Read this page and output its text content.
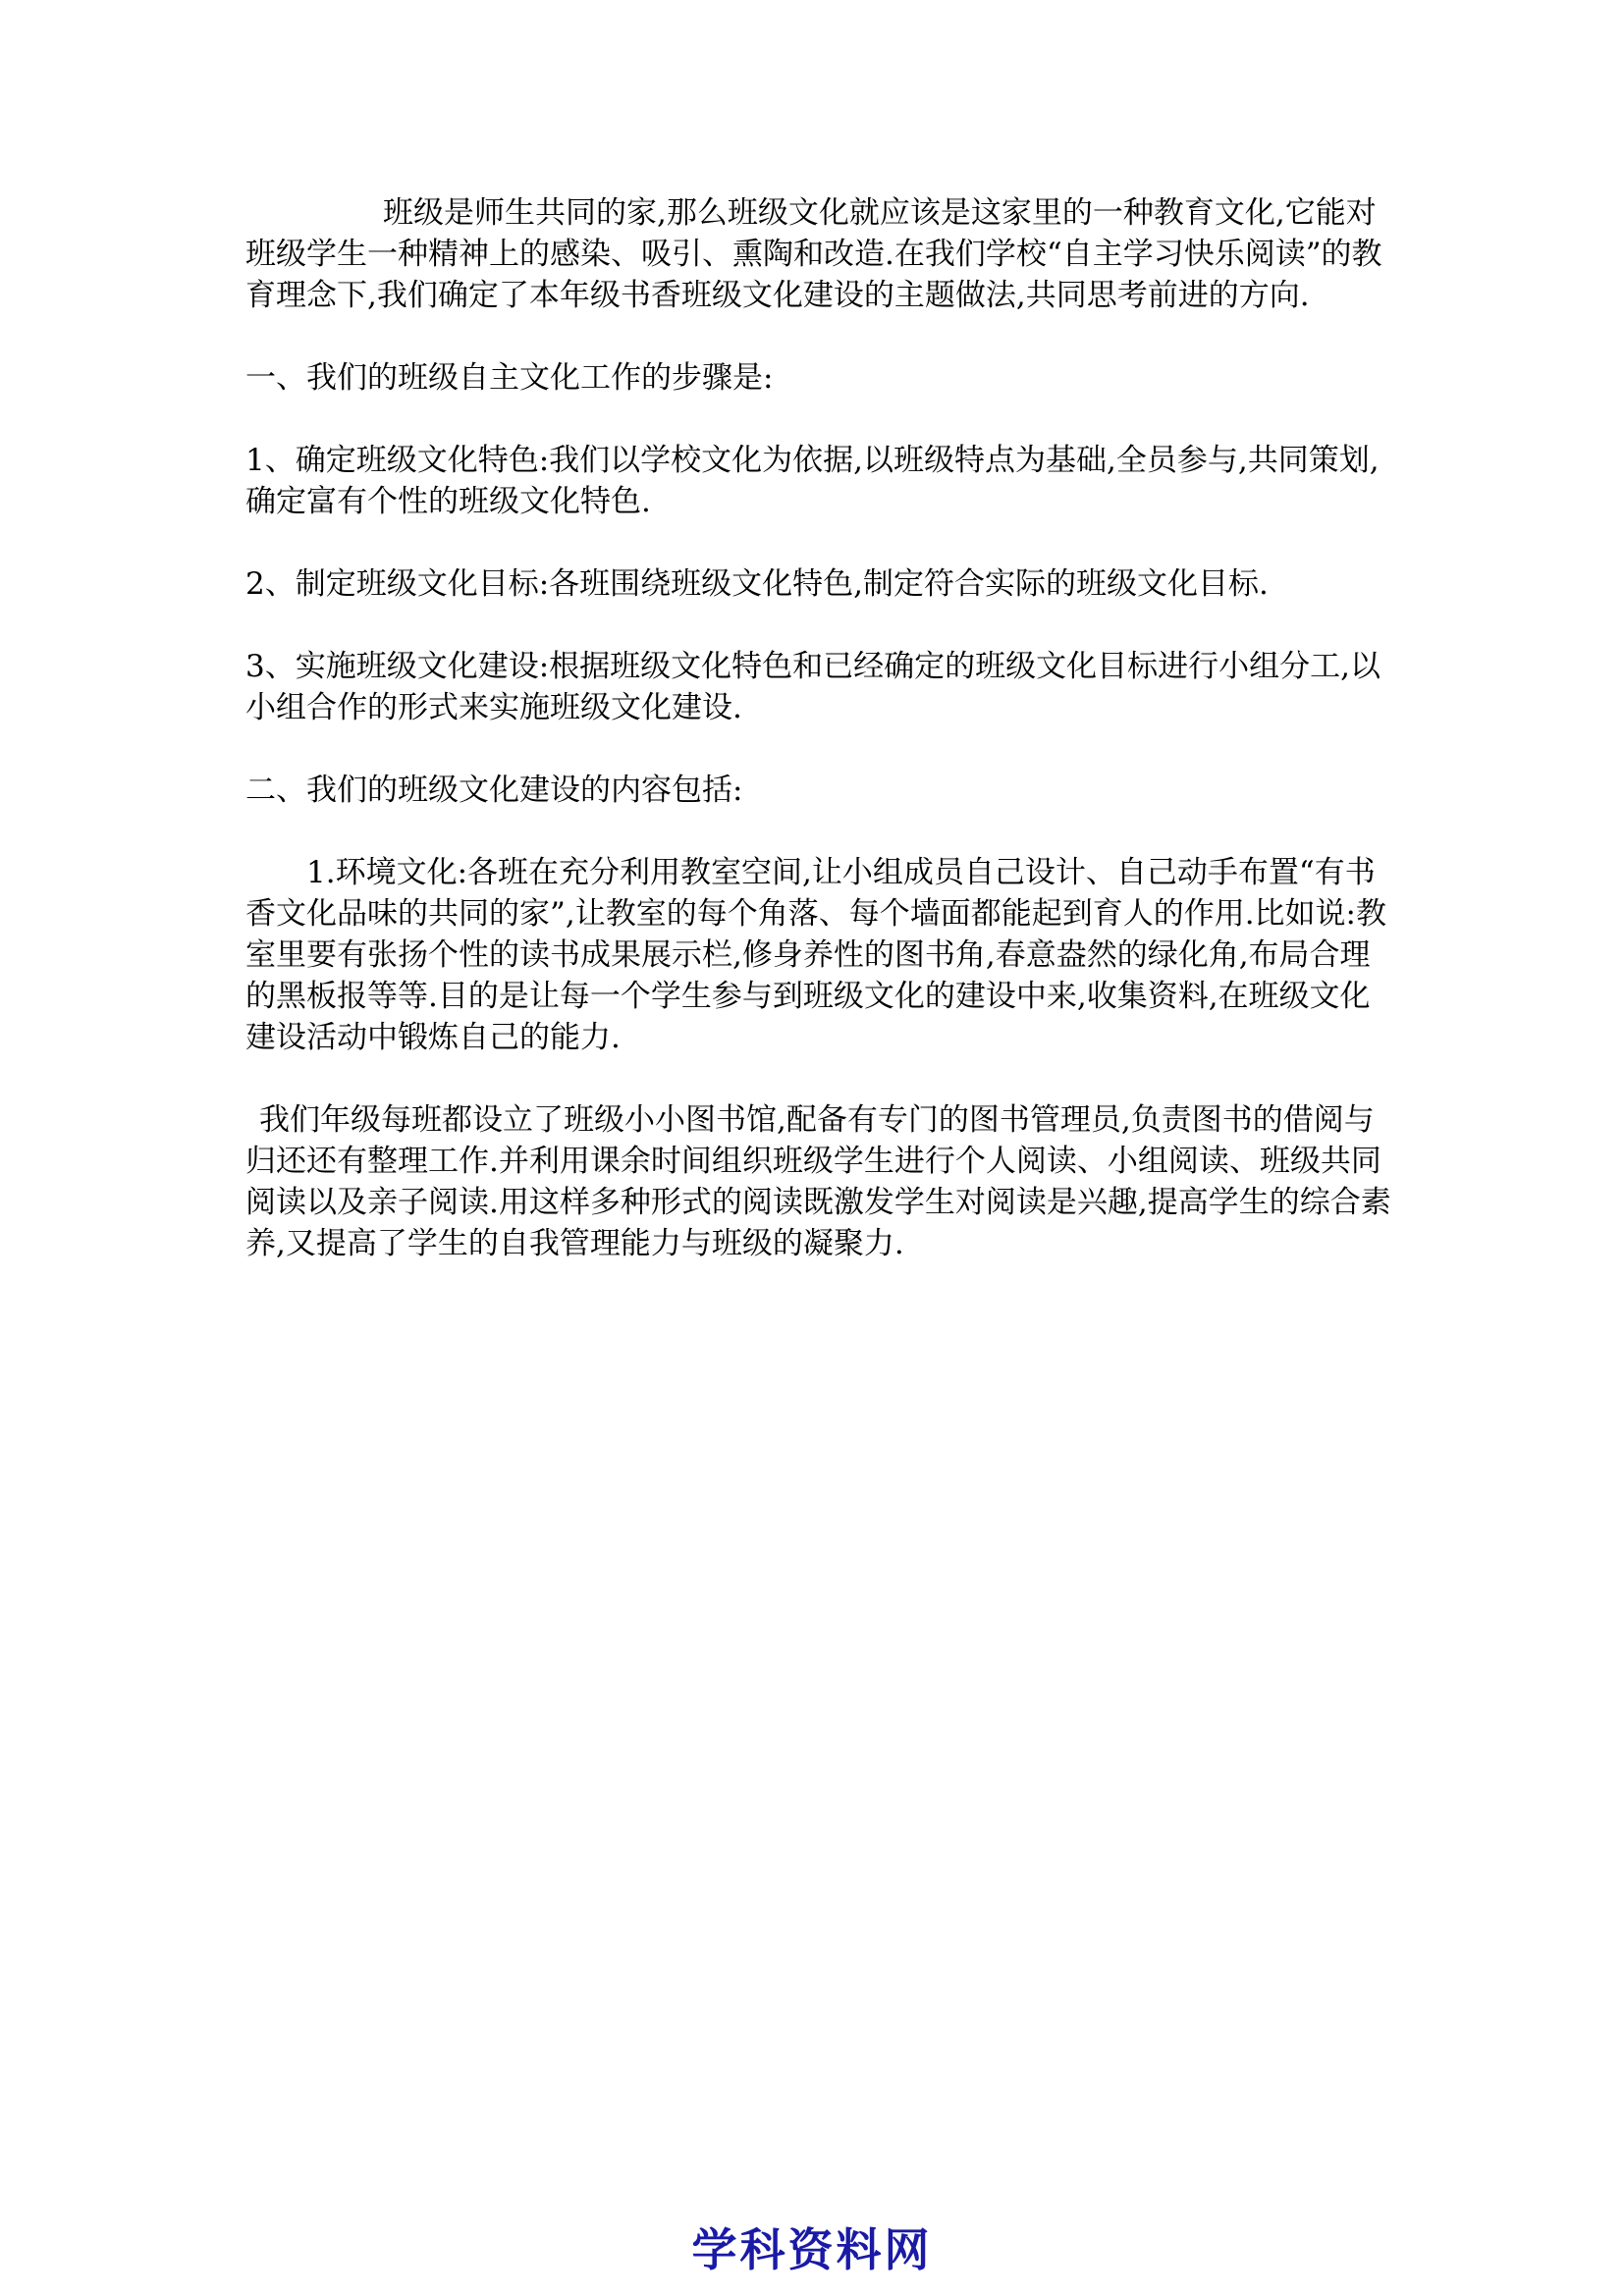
班级是师生共同的家,那么班级文化就应该是这家里的一种教育文化,它能对班级学生一种精神上的感染、吸引、熏陶和改造.在我们学校“自主学习快乐阅读”的教育理念下,我们确定了本年级书香班级文化建设的主题做法,共同思考前进的方向.

一、我们的班级自主文化工作的步骤是:

1、确定班级文化特色:我们以学校文化为依据,以班级特点为基础,全员参与,共同策划,确定富有个性的班级文化特色.

2、制定班级文化目标:各班围绕班级文化特色,制定符合实际的班级文化目标.

3、实施班级文化建设:根据班级文化特色和已经确定的班级文化目标进行小组分工,以小组合作的形式来实施班级文化建设.

二、我们的班级文化建设的内容包括:

1.环境文化:各班在充分利用教室空间,让小组成员自己设计、自己动手布置“有书香文化品味的共同的家”,让教室的每个角落、每个墙面都能起到育人的作用.比如说:教室里要有张扬个性的读书成果展示栏,修身养性的图书角,春意盎然的绿化角,布局合理的黑板报等等.目的是让每一个学生参与到班级文化的建设中来,收集资料,在班级文化建设活动中锻炼自己的能力.

我们年级每班都设立了班级小小图书馆,配备有专门的图书管理员,负责图书的借阅与归还还有整理工作.并利用课余时间组织班级学生进行个人阅读、小组阅读、班级共同阅读以及亲子阅读.用这样多种形式的阅读既激发学生对阅读是兴趣,提高学生的综合素养,又提高了学生的自我管理能力与班级的凝聚力.

学科资料网
